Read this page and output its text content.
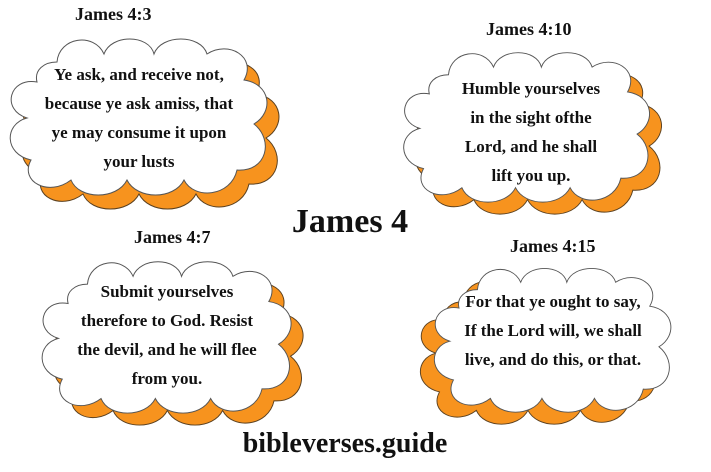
James 4:3
Ye ask, and receive not,
because ye ask amiss, that
ye may consume it upon
your lusts
James 4:10
Humble yourselves
in the sight ofthe
Lord, and he shall
lift you up.
James 4
James 4:7
Submit yourselves
therefore to God. Resist
the devil, and he will flee
from you.
James 4:15
For that ye ought to say,
If the Lord will, we shall
live, and do this, or that.
bibleverses.guide
